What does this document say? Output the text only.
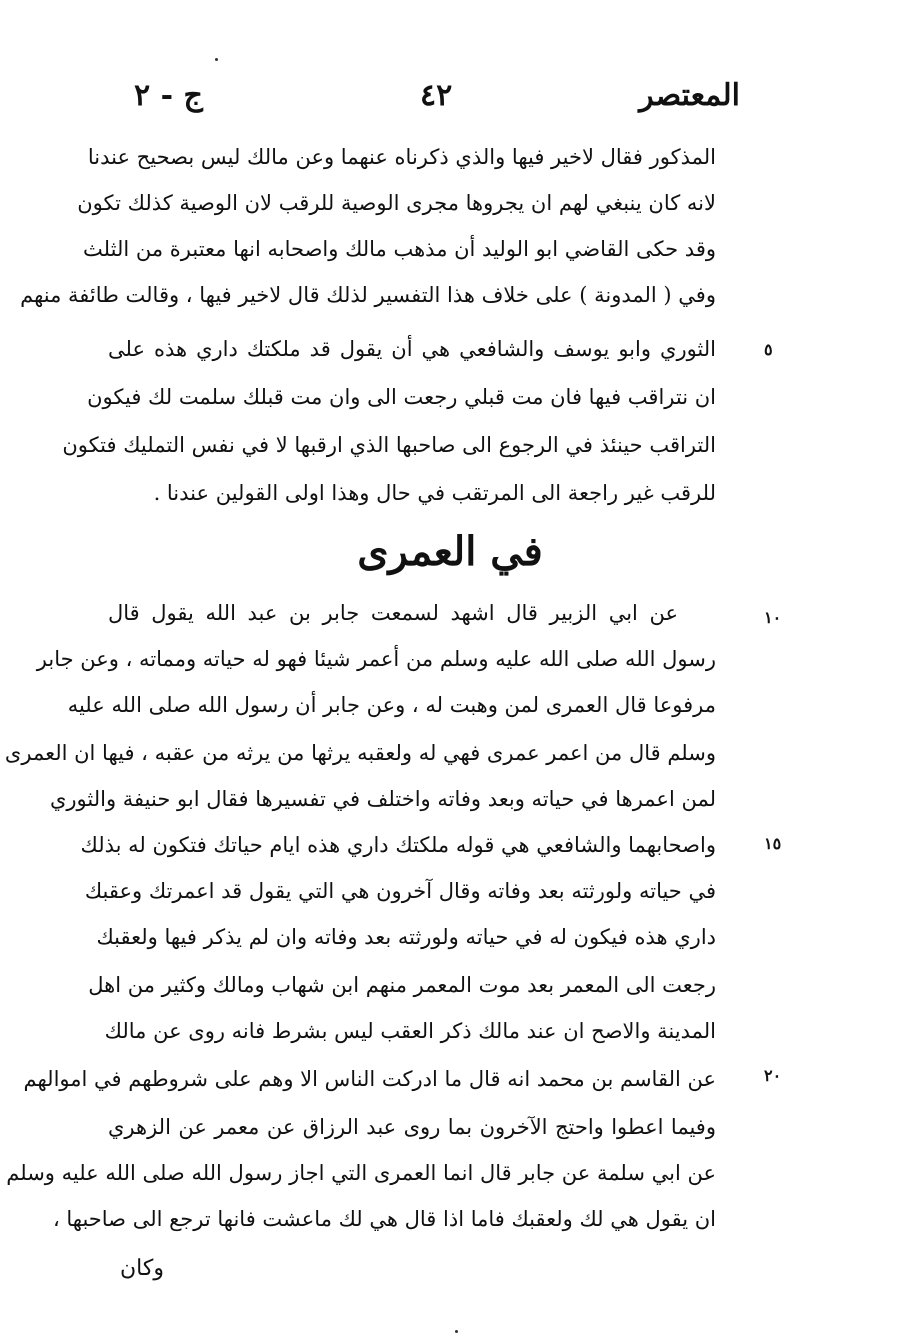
ج - ٢	٤٢	المعتصر
المذكور فقال لاخير فيها والذي ذكرناه عنهما وعن مالك ليس بصحيح عندنا
لانه كان ينبغي لهم ان يجروها مجرى الوصية للرقب لان الوصية كذلك تكون
وقد حكى القاضي ابو الوليد أن مذهب مالك واصحابه انها معتبرة من الثلث
وفي ( المدونة ) على خلاف هذا التفسير لذلك قال لاخير فيها ، وقالت طائفة منهم
الثوري وابو يوسف والشافعي هي أن يقول قد ملكتك داري هذه على
ان نتراقب فيها فان مت قبلي رجعت الى وان مت قبلك سلمت لك فيكون
التراقب حينئذ في الرجوع الى صاحبها الذي ارقبها لا في نفس التمليك فتكون
للرقب غير راجعة الى المرتقب في حال وهذا اولى القولين عندنا .
٥
في العمرى
عن ابي الزبير قال اشهد لسمعت جابر بن عبد الله يقول قال
رسول الله صلى الله عليه وسلم من أعمر شيئا فهو له حياته ومماته ، وعن جابر
مرفوعا قال العمرى لمن وهبت له ، وعن جابر أن رسول الله صلى الله عليه
وسلم قال من اعمر عمرى فهي له ولعقبه يرثها من يرثه من عقبه ، فيها ان العمرى
لمن اعمرها في حياته وبعد وفاته واختلف في تفسيرها فقال ابو حنيفة والثوري
واصحابهما والشافعي هي قوله ملكتك داري هذه ايام حياتك فتكون له بذلك
في حياته ولورثته بعد وفاته وقال آخرون هي التي يقول قد اعمرتك وعقبك
داري هذه فيكون له في حياته ولورثته بعد وفاته وان لم يذكر فيها ولعقبك
رجعت الى المعمر بعد موت المعمر منهم ابن شهاب ومالك وكثير من اهل
المدينة والاصح ان عند مالك ذكر العقب ليس بشرط فانه روى عن مالك
عن القاسم بن محمد انه قال ما ادركت الناس الا وهم على شروطهم في اموالهم
وفيما اعطوا واحتج الآخرون بما روى عبد الرزاق عن معمر عن الزهري
عن ابي سلمة عن جابر قال انما العمرى التي اجاز رسول الله صلى الله عليه وسلم
ان يقول هي لك ولعقبك فاما اذا قال هي لك ماعشت فانها ترجع الى صاحبها ،
١٠
١٥
٢٠
وكان
